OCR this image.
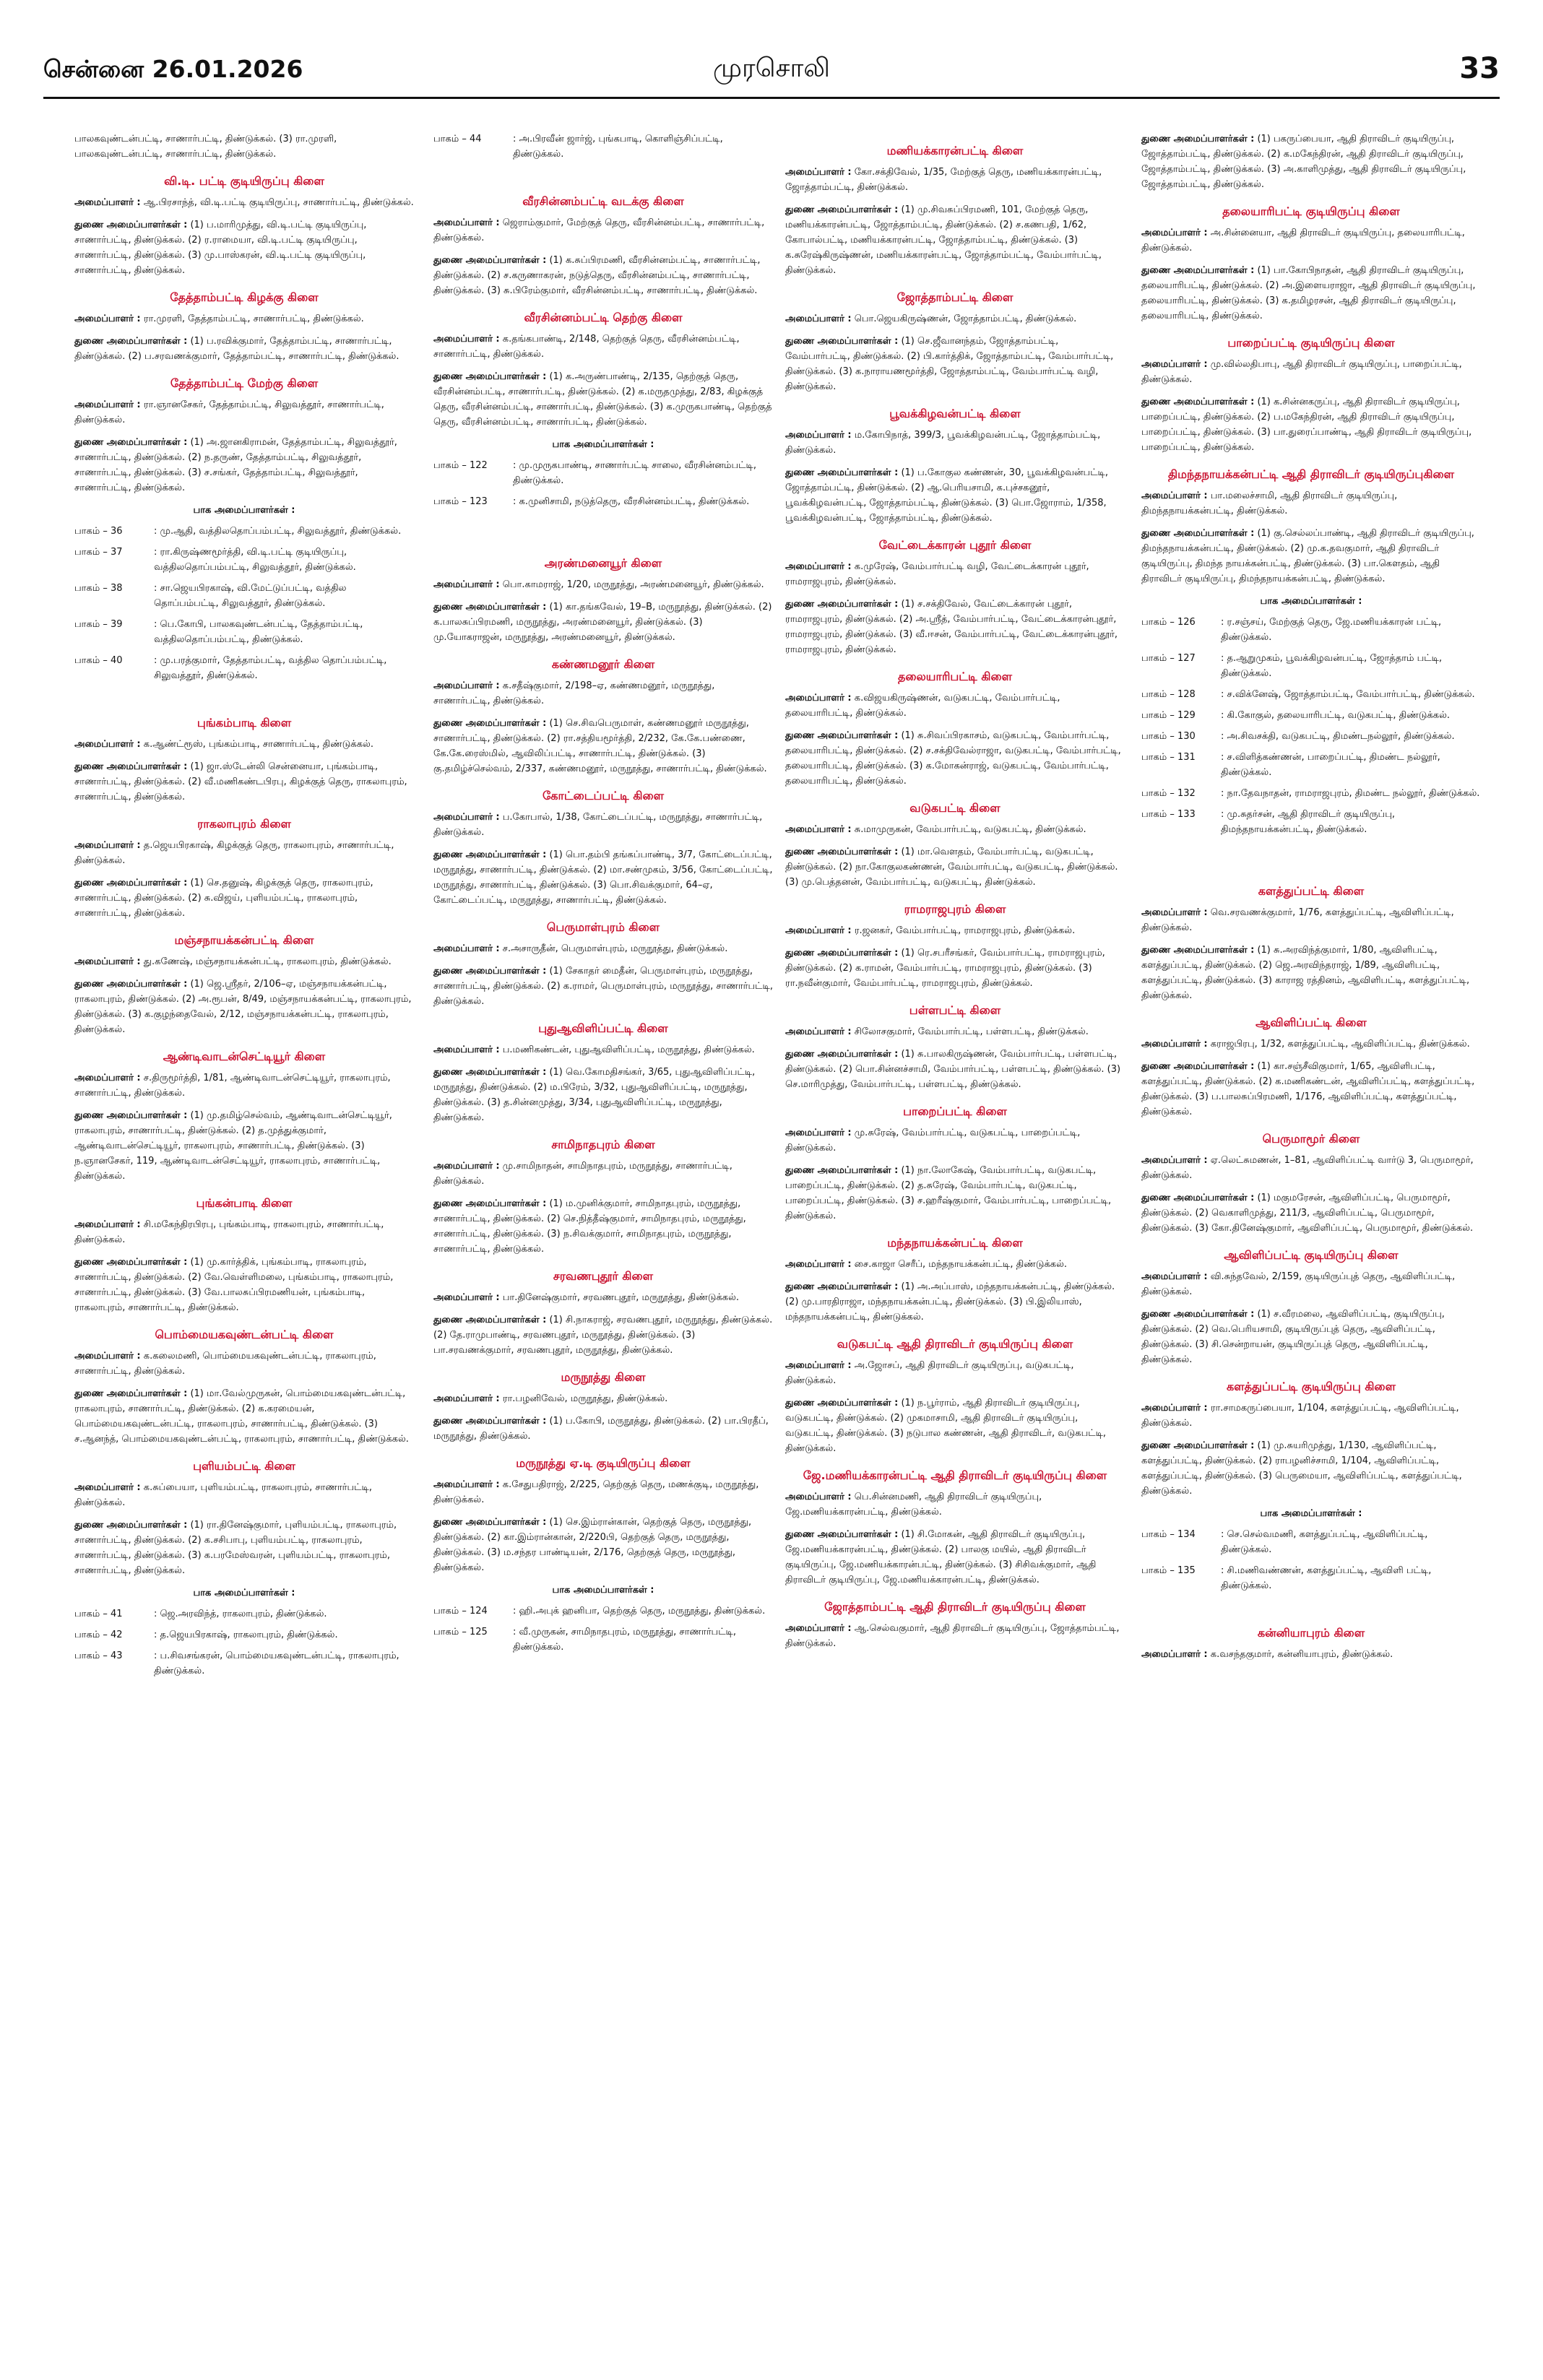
சென்னை 26.01.2026	முரசொலி	33

பாலகவுண்டன்பட்டி, சாணார்பட்டி, திண்டுக்கல். (3) ரா.முரளி, பாலகவுண்டன்பட்டி, சாணார்பட்டி, திண்டுக்கல்.

வி.டி. பட்டி குடியிருப்பு கிளை

அமைப்பாளர் : ஆ.பிரசாந்த், வி.டி.பட்டி குடியிருப்பு, சாணார்பட்டி, திண்டுக்கல்.

துணை அமைப்பாளர்கள் : (1) ப.மாரிமுத்து, வி.டி.பட்டி குடியிருப்பு, சாணார்பட்டி, திண்டுக்கல். (2) ர.ராமையா, வி.டி.பட்டி குடியிருப்பு, சாணார்பட்டி, திண்டுக்கல். (3) மு.பாஸ்கரன், வி.டி.பட்டி குடியிருப்பு, சாணார்பட்டி, திண்டுக்கல்.

தேத்தாம்பட்டி கிழக்கு கிளை

அமைப்பாளர் : ரா.முரளி, தேத்தாம்பட்டி, சாணார்பட்டி, திண்டுக்கல்.

துணை அமைப்பாளர்கள் : (1) ப.ரவிக்குமார், தேத்தாம்பட்டி, சாணார்பட்டி, திண்டுக்கல். (2) ப.சரவணக்குமார், தேத்தாம்பட்டி, சாணார்பட்டி, திண்டுக்கல்.

தேத்தாம்பட்டி மேற்கு கிளை

அமைப்பாளர் : ரா.ஞானசேகர், தேத்தாம்பட்டி, சிலுவத்தூர், சாணார்பட்டி, திண்டுக்கல்.

துணை அமைப்பாளர்கள் : (1) அ.ஜானகிராமன், தேத்தாம்பட்டி, சிலுவத்தூர், சாணார்பட்டி, திண்டுக்கல். (2) ந.தருண், தேத்தாம்பட்டி, சிலுவத்தூர், சாணார்பட்டி, திண்டுக்கல். (3) ச.சங்கர், தேத்தாம்பட்டி, சிலுவத்தூர், சாணார்பட்டி, திண்டுக்கல்.

பாக அமைப்பாளர்கள் :
பாகம் – 36	: மு.ஆதி, வத்திலதொப்பம்பட்டி, சிலுவத்தூர், திண்டுக்கல்.
பாகம் – 37	: ரா.கிருஷ்ணமூர்த்தி, வி.டி.பட்டி குடியிருப்பு, வத்திலதொப்பம்பட்டி, சிலுவத்தூர், திண்டுக்கல்.
பாகம் – 38	: சா.ஜெயபிரகாஷ், வி.மேட்டுப்பட்டி, வத்தில தொப்பம்பட்டி, சிலுவத்தூர், திண்டுக்கல்.
பாகம் – 39	: பெ.கோபி, பாலகவுண்டன்பட்டி, தேத்தாம்பட்டி, வத்திலதொப்பம்பட்டி, திண்டுக்கல்.
பாகம் – 40	: மு.பரத்குமார், தேத்தாம்பட்டி, வத்தில தொப்பம்பட்டி, சிலுவத்தூர், திண்டுக்கல்.
புங்கம்பாடி கிளை

அமைப்பாளர் : க.ஆண்ட்ரூஸ், புங்கம்பாடி, சாணார்பட்டி, திண்டுக்கல்.

துணை அமைப்பாளர்கள் : (1) ஜா.ஸ்டேன்லி சென்னையா, புங்கம்பாடி, சாணார்பட்டி, திண்டுக்கல். (2) வீ.மணிகண்டபிரபு, கிழக்குத் தெரு, ராகலாபுரம், சாணார்பட்டி, திண்டுக்கல்.

ராகலாபுரம் கிளை

அமைப்பாளர் : த.ஜெயபிரகாஷ், கிழக்குத் தெரு, ராகலாபுரம், சாணார்பட்டி, திண்டுக்கல்.

துணை அமைப்பாளர்கள் : (1) செ.தனுஷ், கிழக்குத் தெரு, ராகலாபுரம், சாணார்பட்டி, திண்டுக்கல். (2) சு.விஜய், புளியம்பட்டி, ராகலாபுரம், சாணார்பட்டி, திண்டுக்கல்.

மஞ்சநாயக்கன்பட்டி கிளை

அமைப்பாளர் : து.கணேஷ், மஞ்சநாயக்கன்பட்டி, ராகலாபுரம், திண்டுக்கல்.

துணை அமைப்பாளர்கள் : (1) ஜெ.ஸ்ரீதர், 2/106–ஏ, மஞ்சநாயக்கன்பட்டி, ராகலாபுரம், திண்டுக்கல். (2) அ.ரூபன், 8/49, மஞ்சநாயக்கன்பட்டி, ராகலாபுரம், திண்டுக்கல். (3) க.குழந்தைவேல், 2/12, மஞ்சநாயக்கன்பட்டி, ராகலாபுரம், திண்டுக்கல்.

ஆண்டிவாடன்செட்டியூர் கிளை

அமைப்பாளர் : ச.திருமூர்த்தி, 1/81, ஆண்டிவாடன்செட்டியூர், ராகலாபுரம், சாணார்பட்டி, திண்டுக்கல்.

துணை அமைப்பாளர்கள் : (1) மு.தமிழ்செல்வம், ஆண்டிவாடன்செட்டியூர், ராகலாபுரம், சாணார்பட்டி, திண்டுக்கல். (2) த.முத்துக்குமார், ஆண்டிவாடன்செட்டியூர், ராகலாபுரம், சாணார்பட்டி, திண்டுக்கல். (3) ந.ஞானசேகர், 119, ஆண்டிவாடன்செட்டியூர், ராகலாபுரம், சாணார்பட்டி, திண்டுக்கல்.

புங்கன்பாடி கிளை

அமைப்பாளர் : சி.மகேந்திரபிரபு, புங்கம்பாடி, ராகலாபுரம், சாணார்பட்டி, திண்டுக்கல்.

துணை அமைப்பாளர்கள் : (1) மு.கார்த்திக், புங்கம்பாடி, ராகலாபுரம், சாணார்பட்டி, திண்டுக்கல். (2) வே.வெள்ளிமலை, புங்கம்பாடி, ராகலாபுரம், சாணார்பட்டி, திண்டுக்கல். (3) வே.பாலசுப்பிரமணியன், புங்கம்பாடி, ராகலாபுரம், சாணார்பட்டி, திண்டுக்கல்.

பொம்மையகவுண்டன்பட்டி கிளை

அமைப்பாளர் : க.கலைமணி, பொம்மையகவுண்டன்பட்டி, ராகலாபுரம், சாணார்பட்டி, திண்டுக்கல்.

துணை அமைப்பாளர்கள் : (1) மா.வேல்முருகன், பொம்மையகவுண்டன்பட்டி, ராகலாபுரம், சாணார்பட்டி, திண்டுக்கல். (2) க.கரமையன், பொம்மையகவுண்டன்பட்டி, ராகலாபுரம், சாணார்பட்டி, திண்டுக்கல். (3) ச.ஆனந்த், பொம்மையகவுண்டன்பட்டி, ராகலாபுரம், சாணார்பட்டி, திண்டுக்கல்.

புளியம்பட்டி கிளை

அமைப்பாளர் : க.சுப்பையா, புளியம்பட்டி, ராகலாபுரம், சாணார்பட்டி, திண்டுக்கல்.

துணை அமைப்பாளர்கள் : (1) ரா.தினேஷ்குமார், புளியம்பட்டி, ராகலாபுரம், சாணார்பட்டி, திண்டுக்கல். (2) க.சசிபாபு, புளியம்பட்டி, ராகலாபுரம், சாணார்பட்டி, திண்டுக்கல். (3) க.பரமேஸ்வரன், புளியம்பட்டி, ராகலாபுரம், சாணார்பட்டி, திண்டுக்கல்.

பாக அமைப்பாளர்கள் :
பாகம் – 41	: ஜெ.அரவிந்த், ராகலாபுரம், திண்டுக்கல்.
பாகம் – 42	: த.ஜெயபிரகாஷ், ராகலாபுரம், திண்டுக்கல்.
பாகம் – 43	: ப.சிவசங்கரன், பொம்மையகவுண்டன்பட்டி, ராகலாபுரம், திண்டுக்கல்.
பாகம் – 44	: அ.பிரவீன் ஜார்ஜ், புங்கபாடி, கொளிஞ்சிப்பட்டி, திண்டுக்கல்.
வீரசின்னம்பட்டி வடக்கு கிளை

அமைப்பாளர் : ஜெராம்குமார், மேற்குத் தெரு, வீரசின்னம்பட்டி, சாணார்பட்டி, திண்டுக்கல்.

துணை அமைப்பாளர்கள் : (1) க.சுப்பிரமணி, வீரசின்னம்பட்டி, சாணார்பட்டி, திண்டுக்கல். (2) ச.கருணாகரன், நடுத்தெரு, வீரசின்னம்பட்டி, சாணார்பட்டி, திண்டுக்கல். (3) சு.பிரேம்குமார், வீரசின்னம்பட்டி, சாணார்பட்டி, திண்டுக்கல்.

வீரசின்னம்பட்டி தெற்கு கிளை

அமைப்பாளர் : க.தங்கபாண்டி, 2/148, தெற்குத் தெரு, வீரசின்னம்பட்டி, சாணார்பட்டி, திண்டுக்கல்.

துணை அமைப்பாளர்கள் : (1) க.அருண்பாண்டி, 2/135, தெற்குத் தெரு, வீரசின்னம்பட்டி, சாணார்பட்டி, திண்டுக்கல். (2) க.மருதமுத்து, 2/83, கிழக்குத் தெரு, வீரசின்னம்பட்டி, சாணார்பட்டி, திண்டுக்கல். (3) க.முருகபாண்டி, தெற்குத் தெரு, வீரசின்னம்பட்டி, சாணார்பட்டி, திண்டுக்கல்.

பாக அமைப்பாளர்கள் :
பாகம் – 122	: மு.முருகபாண்டி, சாணார்பட்டி சாலை, வீரசின்னம்பட்டி, திண்டுக்கல்.
பாகம் – 123	: க.முனிசாமி, நடுத்தெரு, வீரசின்னம்பட்டி, திண்டுக்கல்.
அரண்மனையூர் கிளை

அமைப்பாளர் : பொ.காமராஜ், 1/20, மருநூத்து, அரண்மனையூர், திண்டுக்கல்.

துணை அமைப்பாளர்கள் : (1) கா.தங்கவேல், 19–B, மருநூத்து, திண்டுக்கல். (2) க.பாலசுப்பிரமணி, மருநூத்து, அரண்மனையூர், திண்டுக்கல். (3) மு.யோகராஜன், மருநூத்து, அரண்மனையூர், திண்டுக்கல்.

கண்ணமனூர் கிளை

அமைப்பாளர் : க.சதீஷ்குமார், 2/198–ஏ, கண்ணமனூர், மருநூத்து, சாணார்பட்டி, திண்டுக்கல்.

துணை அமைப்பாளர்கள் : (1) செ.சிவபெருமாள், கண்ணமனூர் மருநூத்து, சாணார்பட்டி, திண்டுக்கல். (2) ரா.சத்தியமூர்த்தி, 2/232, கே.கே.பண்ணை, கே.கே.ரைஸ்மில், ஆவிலிப்பட்டி, சாணார்பட்டி, திண்டுக்கல். (3) கு.தமிழ்ச்செல்வம், 2/337, கண்ணமனூர், மருநூத்து, சாணார்பட்டி, திண்டுக்கல்.

கோட்டைப்பட்டி கிளை

அமைப்பாளர் : ப.கோபால், 1/38, கோட்டைப்பட்டி, மருநூத்து, சாணார்பட்டி, திண்டுக்கல்.

துணை அமைப்பாளர்கள் : (1) பொ.தம்பி தங்கப்பாண்டி, 3/7, கோட்டைப்பட்டி, மருநூத்து, சாணார்பட்டி, திண்டுக்கல். (2) மா.சண்முகம், 3/56, கோட்டைப்பட்டி, மருநூத்து, சாணார்பட்டி, திண்டுக்கல். (3) பொ.சிவக்குமார், 64–ஏ, கோட்டைப்பட்டி, மருநூத்து, சாணார்பட்டி, திண்டுக்கல்.

பெருமாள்புரம் கிளை

அமைப்பாளர் : ச.அசாருதீன், பெருமாள்புரம், மருநூத்து, திண்டுக்கல்.

துணை அமைப்பாளர்கள் : (1) சேகாதர் மைதீன், பெருமாள்புரம், மருநூத்து, சாணார்பட்டி, திண்டுக்கல். (2) க.ராமர், பெருமாள்புரம், மருநூத்து, சாணார்பட்டி, திண்டுக்கல்.

புதுஆவிளிப்பட்டி கிளை

அமைப்பாளர் : ப.மணிகண்டன், புதுஆவிளிப்பட்டி, மருநூத்து, திண்டுக்கல்.

துணை அமைப்பாளர்கள் : (1) வெ.கோமதிசங்கர், 3/65, புதுஆவிளிப்பட்டி, மருநூத்து, திண்டுக்கல். (2) ம.பிரேம், 3/32, புதுஆவிளிப்பட்டி, மருநூத்து, திண்டுக்கல். (3) த.சின்னமுத்து, 3/34, புதுஆவிளிப்பட்டி, மருநூத்து, திண்டுக்கல்.

சாமிநாதபுரம் கிளை

அமைப்பாளர் : மு.சாமிநாதன், சாமிநாதபுரம், மருநூத்து, சாணார்பட்டி, திண்டுக்கல்.

துணை அமைப்பாளர்கள் : (1) ம.முனிக்குமார், சாமிநாதபுரம், மருநூத்து, சாணார்பட்டி, திண்டுக்கல். (2) செ.நித்தீஷ்குமார், சாமிநாதபுரம், மருநூத்து, சாணார்பட்டி, திண்டுக்கல். (3) ந.சிவக்குமார், சாமிநாதபுரம், மருநூத்து, சாணார்பட்டி, திண்டுக்கல்.

சரவணபுதூர் கிளை

அமைப்பாளர் : பா.தினேஷ்குமார், சரவணபுதூர், மருநூத்து, திண்டுக்கல்.

துணை அமைப்பாளர்கள் : (1) சி.நாகராஜ், சரவணபுதூர், மருநூத்து, திண்டுக்கல். (2) தே.ராமுபாண்டி, சரவணபுதூர், மருநூத்து, திண்டுக்கல். (3) பா.சரவணக்குமார், சரவணபுதூர், மருநூத்து, திண்டுக்கல்.

மருநூத்து கிளை

அமைப்பாளர் : ரா.பழனிவேல், மருநூத்து, திண்டுக்கல்.

துணை அமைப்பாளர்கள் : (1) ப.கோபி, மருநூத்து, திண்டுக்கல். (2) பா.பிரதீப், மருநூத்து, திண்டுக்கல்.

மருநூத்து ஏ.டி குடியிருப்பு கிளை

அமைப்பாளர் : க.சேதுபதிராஜ், 2/225, தெற்குத் தெரு, மணக்குடி, மருநூத்து, திண்டுக்கல்.

துணை அமைப்பாளர்கள் : (1) செ.இம்ரான்கான், தெற்குத் தெரு, மருநூத்து, திண்டுக்கல். (2) கா.இம்ரான்கான், 2/220பி, தெற்குத் தெரு, மருநூத்து, திண்டுக்கல். (3) ம.சந்தர பாண்டியன், 2/176, தெற்குத் தெரு, மருநூத்து, திண்டுக்கல்.

பாக அமைப்பாளர்கள் :
பாகம் – 124	: ஹி.அபுக் ஹனிபா, தெற்குத் தெரு, மருநூத்து, திண்டுக்கல்.
பாகம் – 125	: வீ.முருகன், சாமிநாதபுரம், மருநூத்து, சாணார்பட்டி, திண்டுக்கல்.
மணியக்காரன்பட்டி கிளை

அமைப்பாளர் : கோ.சக்திவேல், 1/35, மேற்குத் தெரு, மணியக்காரன்பட்டி, ஜோத்தாம்பட்டி, திண்டுக்கல்.

துணை அமைப்பாளர்கள் : (1) மு.சிவசுப்பிரமணி, 101, மேற்குத் தெரு, மணியக்காரன்பட்டி, ஜோத்தாம்பட்டி, திண்டுக்கல். (2) ச.கணபதி, 1/62, கோபால்பட்டி, மணியக்காரன்பட்டி, ஜோத்தாம்பட்டி, திண்டுக்கல். (3) க.சுரேஷ்கிருஷ்ணன், மணியக்காரன்பட்டி, ஜோத்தாம்பட்டி, வேம்பார்பட்டி, திண்டுக்கல்.

ஜோத்தாம்பட்டி கிளை

அமைப்பாளர் : பொ.ஜெயகிருஷ்ணன், ஜோத்தாம்பட்டி, திண்டுக்கல்.

துணை அமைப்பாளர்கள் : (1) செ.ஜீவானந்தம், ஜோத்தாம்பட்டி, வேம்பார்பட்டி, திண்டுக்கல். (2) பி.கார்த்திக், ஜோத்தாம்பட்டி, வேம்பார்பட்டி, திண்டுக்கல். (3) க.நாராயணமூர்த்தி, ஜோத்தாம்பட்டி, வேம்பார்பட்டி வழி, திண்டுக்கல்.

பூவக்கிழவன்பட்டி கிளை

அமைப்பாளர் : ம.கோபிநாத், 399/3, பூவக்கிழவன்பட்டி, ஜோத்தாம்பட்டி, திண்டுக்கல்.

துணை அமைப்பாளர்கள் : (1) ப.கோகுல கண்ணன், 30, பூவக்கிழவன்பட்டி, ஜோத்தாம்பட்டி, திண்டுக்கல். (2) ஆ.பெரியசாமி, க.புச்சகனூர், பூவக்கிழவன்பட்டி, ஜோத்தாம்பட்டி, திண்டுக்கல். (3) பொ.ஜோராம், 1/358, பூவக்கிழவன்பட்டி, ஜோத்தாம்பட்டி, திண்டுக்கல்.

வேட்டைக்காரன் புதூர் கிளை

அமைப்பாளர் : க.முரேஷ், வேம்பார்பட்டி வழி, வேட்டைக்காரன் புதூர், ராமராஜபுரம், திண்டுக்கல்.

துணை அமைப்பாளர்கள் : (1) ச.சக்திவேல், வேட்டைக்காரன் புதூர், ராமராஜபுரம், திண்டுக்கல். (2) அ.ஸ்ரீத், வேம்பார்பட்டி, வேட்டைக்காரன்புதூர், ராமராஜபுரம், திண்டுக்கல். (3) வீ.ஈசன், வேம்பார்பட்டி, வேட்டைக்காரன்புதூர், ராமராஜபுரம், திண்டுக்கல்.

தலையாரிபட்டி கிளை

அமைப்பாளர் : க.விஜயகிருஷ்ணன், வடுகபட்டி, வேம்பார்பட்டி, தலையாரிபட்டி, திண்டுக்கல்.

துணை அமைப்பாளர்கள் : (1) சு.சிவப்பிரகாசம், வடுகபட்டி, வேம்பார்பட்டி, தலையாரிபட்டி, திண்டுக்கல். (2) ச.சக்திவேல்ராஜா, வடுகபட்டி, வேம்பார்பட்டி, தலையாரிபட்டி, திண்டுக்கல். (3) க.மோகன்ராஜ், வடுகபட்டி, வேம்பார்பட்டி, தலையாரிபட்டி, திண்டுக்கல்.

வடுகபட்டி கிளை

அமைப்பாளர் : சு.மாமுருகன், வேம்பார்பட்டி, வடுகபட்டி, திண்டுக்கல்.

துணை அமைப்பாளர்கள் : (1) மா.வெளதம், வேம்பார்பட்டி, வடுகபட்டி, திண்டுக்கல். (2) நா.கோகுலகண்ணன், வேம்பார்பட்டி, வடுகபட்டி, திண்டுக்கல். (3) மு.பெத்தனன், வேம்பார்பட்டி, வடுகபட்டி, திண்டுக்கல்.

ராமராஜபுரம் கிளை

அமைப்பாளர் : ர.ஜனகர், வேம்பார்பட்டி, ராமராஜபுரம், திண்டுக்கல்.

துணை அமைப்பாளர்கள் : (1) ரெ.சபரீசங்கர், வேம்பார்பட்டி, ராமராஜபுரம், திண்டுக்கல். (2) க.ராமன், வேம்பார்பட்டி, ராமராஜபுரம், திண்டுக்கல். (3) ரா.நவீன்குமார், வேம்பார்பட்டி, ராமராஜபுரம், திண்டுக்கல்.

பள்ளபட்டி கிளை

அமைப்பாளர் : சிலோசகுமார், வேம்பார்பட்டி, பள்ளபட்டி, திண்டுக்கல்.

துணை அமைப்பாளர்கள் : (1) சு.பாலகிருஷ்ணன், வேம்பார்பட்டி, பள்ளபட்டி, திண்டுக்கல். (2) பொ.சின்னச்சாமி, வேம்பார்பட்டி, பள்ளபட்டி, திண்டுக்கல். (3) செ.மாரிமுத்து, வேம்பார்பட்டி, பள்ளபட்டி, திண்டுக்கல்.

பாறைப்பட்டி கிளை

அமைப்பாளர் : மு.சுரேஷ், வேம்பார்பட்டி, வடுகபட்டி, பாறைப்பட்டி, திண்டுக்கல்.

துணை அமைப்பாளர்கள் : (1) நா.லோகேஷ், வேம்பார்பட்டி, வடுகபட்டி, பாறைப்பட்டி, திண்டுக்கல். (2) த.சுரேஷ், வேம்பார்பட்டி, வடுகபட்டி, பாறைப்பட்டி, திண்டுக்கல். (3) ச.ஹரீஷ்குமார், வேம்பார்பட்டி, பாறைப்பட்டி, திண்டுக்கல்.

மந்தநாயக்கன்பட்டி கிளை

அமைப்பாளர் : சை.காஜா செரீப், மந்தநாயக்கன்பட்டி, திண்டுக்கல்.

துணை அமைப்பாளர்கள் : (1) அ.அப்பாஸ், மந்தநாயக்கன்பட்டி, திண்டுக்கல். (2) மு.பாரதிராஜா, மந்தநாயக்கன்பட்டி, திண்டுக்கல். (3) பி.இலியாஸ், மந்தநாயக்கன்பட்டி, திண்டுக்கல்.

வடுகபட்டி ஆதி திராவிடர் குடியிருப்பு கிளை

அமைப்பாளர் : அ.ஜோசப், ஆதி திராவிடர் குடியிருப்பு, வடுகபட்டி, திண்டுக்கல்.

துணை அமைப்பாளர்கள் : (1) ந.பூர்ராம், ஆதி திராவிடர் குடியிருப்பு, வடுகபட்டி, திண்டுக்கல். (2) முகமாசாமி, ஆதி திராவிடர் குடியிருப்பு, வடுகபட்டி, திண்டுக்கல். (3) நடுபால கண்ணன், ஆதி திராவிடர், வடுகபட்டி, திண்டுக்கல்.

ஜே.மணியக்காரன்பட்டி ஆதி திராவிடர் குடியிருப்பு கிளை

அமைப்பாளர் : பெ.சின்னமணி, ஆதி திராவிடர் குடியிருப்பு, ஜே.மணியக்காரன்பட்டி, திண்டுக்கல்.

துணை அமைப்பாளர்கள் : (1) சி.மோகன், ஆதி திராவிடர் குடியிருப்பு, ஜே.மணியக்காரன்பட்டி, திண்டுக்கல். (2) பாலகு மயில், ஆதி திராவிடர் குடியிருப்பு, ஜே.மணியக்காரன்பட்டி, திண்டுக்கல். (3) சிசிவக்குமார், ஆதி திராவிடர் குடியிருப்பு, ஜே.மணியக்காரன்பட்டி, திண்டுக்கல்.

ஜோத்தாம்பட்டி ஆதி திராவிடர் குடியிருப்பு கிளை

அமைப்பாளர் : ஆ.செல்வகுமார், ஆதி திராவிடர் குடியிருப்பு, ஜோத்தாம்பட்டி, திண்டுக்கல்.

துணை அமைப்பாளர்கள் : (1) பகருப்பையா, ஆதி திராவிடர் குடியிருப்பு, ஜோத்தாம்பட்டி, திண்டுக்கல். (2) க.மகேந்திரன், ஆதி திராவிடர் குடியிருப்பு, ஜோத்தாம்பட்டி, திண்டுக்கல். (3) அ.காளிமுத்து, ஆதி திராவிடர் குடியிருப்பு, ஜோத்தாம்பட்டி, திண்டுக்கல்.

தலையாரிபட்டி குடியிருப்பு கிளை

அமைப்பாளர் : அ.சின்னையா, ஆதி திராவிடர் குடியிருப்பு, தலையாரிபட்டி, திண்டுக்கல்.

துணை அமைப்பாளர்கள் : (1) பா.கோபிநாதன், ஆதி திராவிடர் குடியிருப்பு, தலையாரிபட்டி, திண்டுக்கல். (2) அ.இளையராஜா, ஆதி திராவிடர் குடியிருப்பு, தலையாரிபட்டி, திண்டுக்கல். (3) க.தமிழரசன், ஆதி திராவிடர் குடியிருப்பு, தலையாரிபட்டி, திண்டுக்கல்.

பாறைப்பட்டி குடியிருப்பு கிளை

அமைப்பாளர் : மு.வில்லதிபாபு, ஆதி திராவிடர் குடியிருப்பு, பாறைப்பட்டி, திண்டுக்கல்.

துணை அமைப்பாளர்கள் : (1) க.சின்னகருப்பு, ஆதி திராவிடர் குடியிருப்பு, பாறைப்பட்டி, திண்டுக்கல். (2) ப.மகேந்திரன், ஆதி திராவிடர் குடியிருப்பு, பாறைப்பட்டி, திண்டுக்கல். (3) பா.துரைப்பாண்டி, ஆதி திராவிடர் குடியிருப்பு, பாறைப்பட்டி, திண்டுக்கல்.

திமந்தநாயக்கன்பட்டி ஆதி திராவிடர் குடியிருப்புகிளை

அமைப்பாளர் : பா.மலைச்சாமி, ஆதி திராவிடர் குடியிருப்பு, திமந்தநாயக்கன்பட்டி, திண்டுக்கல்.

துணை அமைப்பாளர்கள் : (1) கு.செல்லப்பாண்டி, ஆதி திராவிடர் குடியிருப்பு, திமந்தநாயக்கன்பட்டி, திண்டுக்கல். (2) மு.க.தவகுமார், ஆதி திராவிடர் குடியிருப்பு, திமந்த நாயக்கன்பட்டி, திண்டுக்கல். (3) பா.கௌதம், ஆதி திராவிடர் குடியிருப்பு, திமந்தநாயக்கன்பட்டி, திண்டுக்கல்.

பாக அமைப்பாளர்கள் :
பாகம் – 126	: ர.சஞ்சய், மேற்குத் தெரு, ஜே.மணியக்காரன் பட்டி, திண்டுக்கல்.
பாகம் – 127	: த.ஆறுமுகம், பூவக்கிழவன்பட்டி, ஜோத்தாம் பட்டி, திண்டுக்கல்.
பாகம் – 128	: ச.விக்னேஷ், ஜோத்தாம்பட்டி, வேம்பார்பட்டி, திண்டுக்கல்.
பாகம் – 129	: கி.கோகுல், தலையாரிபட்டி, வடுகபட்டி, திண்டுக்கல்.
பாகம் – 130	: அ.சிவசக்தி, வடுகபட்டி, திமண்டநல்லூர், திண்டுக்கல்.
பாகம் – 131	: ச.விளித்கண்ணன், பாறைப்பட்டி, திமண்ட நல்லூர், திண்டுக்கல்.
பாகம் – 132	: நா.தேவநாதன், ராமராஜபுரம், திமண்ட நல்லூர், திண்டுக்கல்.
பாகம் – 133	: மு.சுதர்சன், ஆதி திராவிடர் குடியிருப்பு, திமந்தநாயக்கன்பட்டி, திண்டுக்கல்.
களத்துப்பட்டி கிளை

அமைப்பாளர் : வெ.சரவணக்குமார், 1/76, களத்துப்பட்டி, ஆவிளிப்பட்டி, திண்டுக்கல்.

துணை அமைப்பாளர்கள் : (1) சு.அரவிந்த்குமார், 1/80, ஆவிளிபட்டி, களத்துப்பட்டி, திண்டுக்கல். (2) ஜெ.அரவிந்தராஜ், 1/89, ஆவிளிபட்டி, களத்துப்பட்டி, திண்டுக்கல். (3) காராஜ ரத்தினம், ஆவிளிபட்டி, களத்துப்பட்டி, திண்டுக்கல்.

ஆவிளிப்பட்டி கிளை

அமைப்பாளர் : கராஜபிரபு, 1/32, களத்துப்பட்டி, ஆவிளிப்பட்டி, திண்டுக்கல்.

துணை அமைப்பாளர்கள் : (1) கா.சஞ்சீவிகுமார், 1/65, ஆவிளிபட்டி, களத்துப்பட்டி, திண்டுக்கல். (2) க.மணிகண்டன், ஆவிளிப்பட்டி, களத்துப்பட்டி, திண்டுக்கல். (3) ப.பாலசுப்பிரமணி, 1/176, ஆவிளிப்பட்டி, களத்துப்பட்டி, திண்டுக்கல்.

பெருமாமூர் கிளை

அமைப்பாளர் : ஏ.லெட்சுமணன், 1–81, ஆவிளிப்பட்டி வார்டு 3, பெருமாமூர், திண்டுக்கல்.

துணை அமைப்பாளர்கள் : (1) மகுமரேசன், ஆவிளிப்பட்டி, பெருமாமூர், திண்டுக்கல். (2) வெகாளிமுத்து, 211/3, ஆவிளிப்பட்டி, பெருமாமூர், திண்டுக்கல். (3) கோ.தினேஷ்குமார், ஆவிளிப்பட்டி, பெருமாமூர், திண்டுக்கல்.

ஆவிளிப்பட்டி குடியிருப்பு கிளை

அமைப்பாளர் : வி.சுந்தவேல், 2/159, குடியிருப்புத் தெரு, ஆவிளிப்பட்டி, திண்டுக்கல்.

துணை அமைப்பாளர்கள் : (1) ச.வீரமலை, ஆவிளிப்பட்டி, குடியிருப்பு, திண்டுக்கல். (2) வெ.பெரியசாமி, குடியிருப்புத் தெரு, ஆவிளிப்பட்டி, திண்டுக்கல். (3) சி.சென்றாயன், குடியிருப்புத் தெரு, ஆவிளிப்பட்டி, திண்டுக்கல்.

களத்துப்பட்டி குடியிருப்பு கிளை

அமைப்பாளர் : ரா.சாமகருப்பையா, 1/104, களத்துப்பட்டி, ஆவிளிப்பட்டி, திண்டுக்கல்.

துணை அமைப்பாளர்கள் : (1) மு.சுயரிமுத்து, 1/130, ஆவிளிப்பட்டி, களத்துப்பட்டி, திண்டுக்கல். (2) ராபழனிச்சாமி, 1/104, ஆவிளிப்பட்டி, களத்துப்பட்டி, திண்டுக்கல். (3) பெருமையா, ஆவிளிப்பட்டி, களத்துப்பட்டி, திண்டுக்கல்.

பாக அமைப்பாளர்கள் :
பாகம் – 134	: செ.செல்வமணி, களத்துப்பட்டி, ஆவிளிப்பட்டி, திண்டுக்கல்.
பாகம் – 135	: சி.மணிவண்ணன், களத்துப்பட்டி, ஆவிளி பட்டி, திண்டுக்கல்.
கன்னியாபுரம் கிளை

அமைப்பாளர் : க.வசந்தகுமார், கன்னியாபுரம், திண்டுக்கல்.
